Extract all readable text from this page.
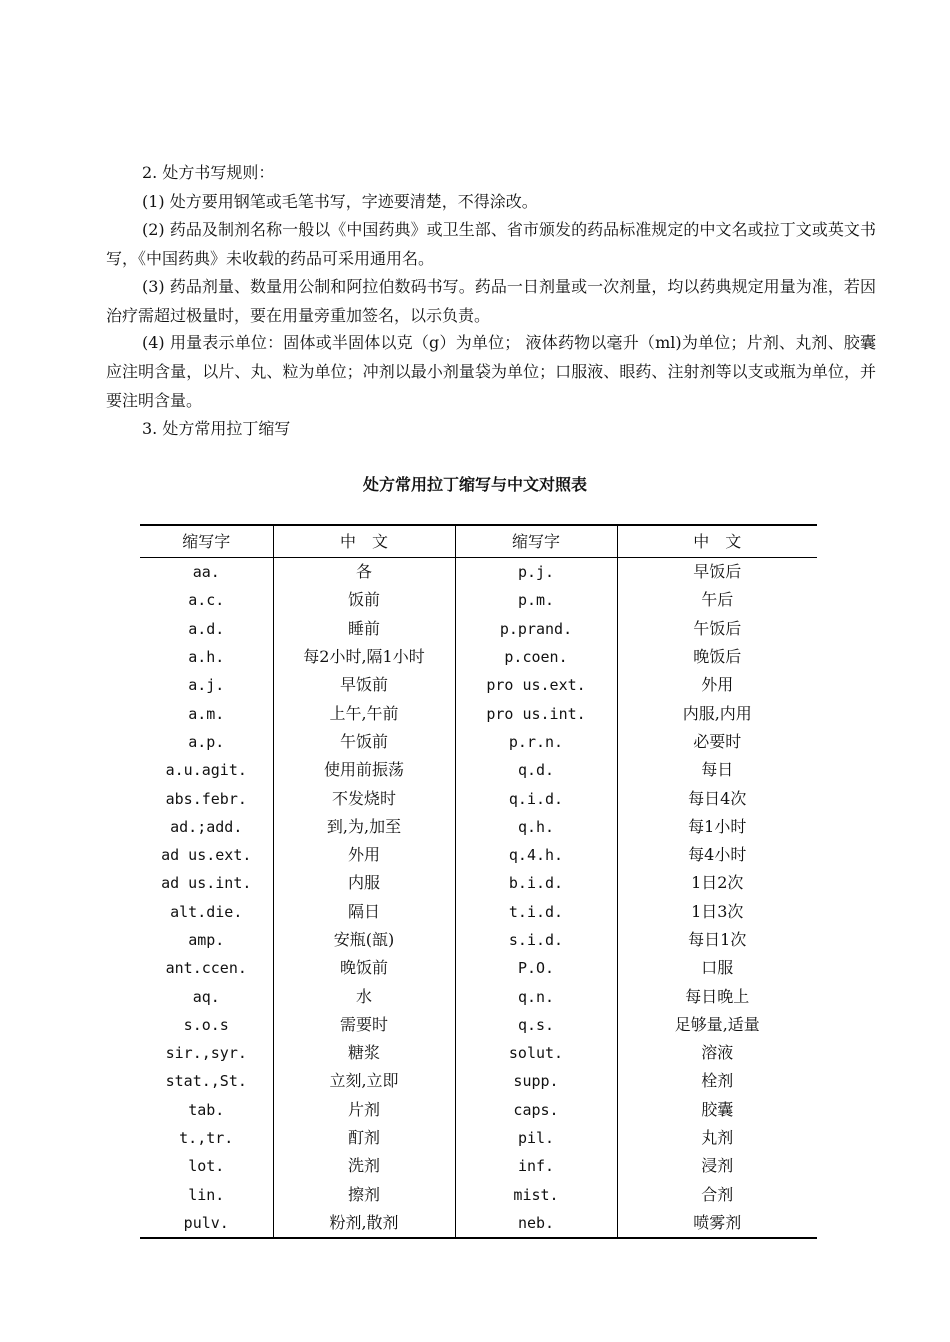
2. 处方书写规则：

(1) 处方要用钢笔或毛笔书写，字迹要清楚，不得涂改。

(2) 药品及制剂名称一般以《中国药典》或卫生部、省市颁发的药品标准规定的中文名或拉丁文或英文书写，《中国药典》未收载的药品可采用通用名。

(3) 药品剂量、数量用公制和阿拉伯数码书写。药品一日剂量或一次剂量，均以药典规定用量为准，若因治疗需超过极量时，要在用量旁重加签名，以示负责。

(4) 用量表示单位：固体或半固体以克（g）为单位； 液体药物以毫升（ml)为单位；片剂、丸剂、胶囊应注明含量，以片、丸、粒为单位；冲剂以最小剂量袋为单位；口服液、眼药、注射剂等以支或瓶为单位，并要注明含量。

3. 处方常用拉丁缩写

处方常用拉丁缩写与中文对照表
缩写字	中　文	缩写字	中　文
aa.	各	p.j.	早饭后
a.c.	饭前	p.m.	午后
a.d.	睡前	p.prand.	午饭后
a.h.	每2小时,隔1小时	p.coen.	晚饭后
a.j.	早饭前	pro us.ext.	外用
a.m.	上午,午前	pro us.int.	内服,内用
a.p.	午饭前	p.r.n.	必要时
a.u.agit.	使用前振荡	q.d.	每日
abs.febr.	不发烧时	q.i.d.	每日4次
ad.;add.	到,为,加至	q.h.	每1小时
ad us.ext.	外用	q.4.h.	每4小时
ad us.int.	内服	b.i.d.	1日2次
alt.die.	隔日	t.i.d.	1日3次
amp.	安瓶(瓿)	s.i.d.	每日1次
ant.ccen.	晚饭前	P.O.	口服
aq.	水	q.n.	每日晚上
s.o.s	需要时	q.s.	足够量,适量
sir.,syr.	糖浆	solut.	溶液
stat.,St.	立刻,立即	supp.	栓剂
tab.	片剂	caps.	胶囊
t.,tr.	酊剂	pil.	丸剂
lot.	洗剂	inf.	浸剂
lin.	擦剂	mist.	合剂
pulv.	粉剂,散剂	neb.	喷雾剂
